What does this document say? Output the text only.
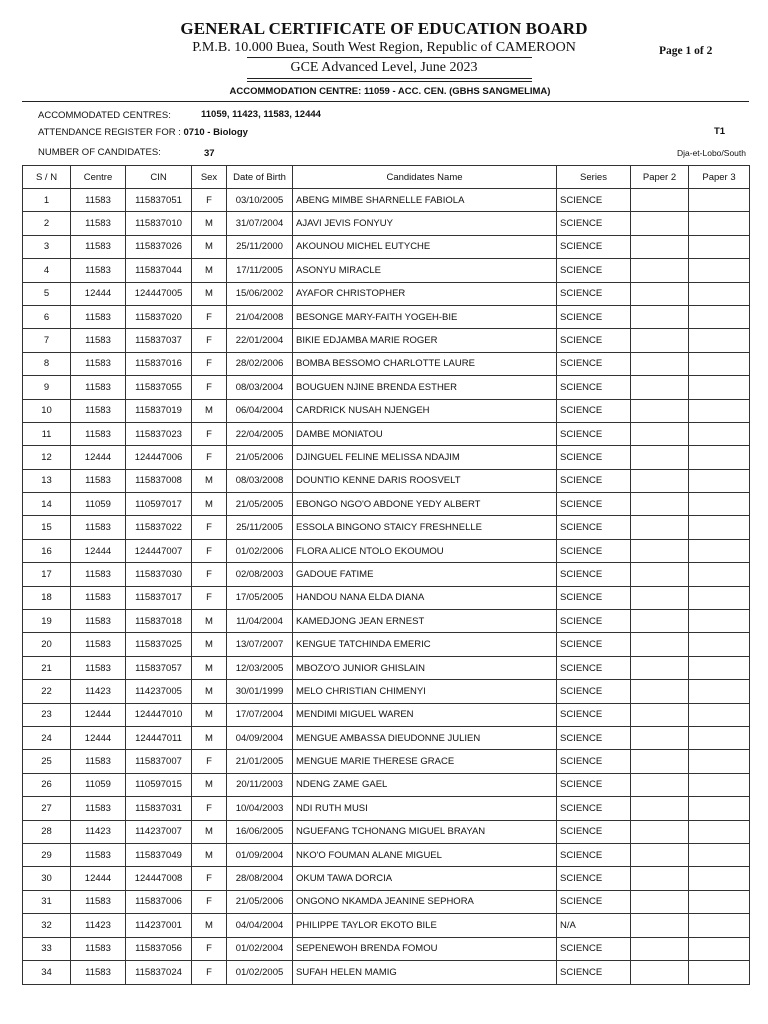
GENERAL CERTIFICATE OF EDUCATION BOARD
P.M.B. 10.000 Buea, South West Region, Republic of CAMEROON	Page 1 of 2
GCE Advanced Level, June 2023
ACCOMMODATION CENTRE: 11059 - ACC. CEN. (GBHS SANGMELIMA)
ACCOMMODATED CENTRES:	11059, 11423, 11583, 12444
ATTENDANCE REGISTER FOR : 0710 - Biology	T1
NUMBER OF CANDIDATES:	37	Dja-et-Lobo/South
S / N	Centre	CIN	Sex	Date of Birth	Candidates Name	Series	Paper 2	Paper 3
1	11583	115837051	F	03/10/2005	ABENG MIMBE SHARNELLE FABIOLA	SCIENCE		
2	11583	115837010	M	31/07/2004	AJAVI JEVIS FONYUY	SCIENCE		
3	11583	115837026	M	25/11/2000	AKOUNOU MICHEL EUTYCHE	SCIENCE		
4	11583	115837044	M	17/11/2005	ASONYU MIRACLE	SCIENCE		
5	12444	124447005	M	15/06/2002	AYAFOR CHRISTOPHER	SCIENCE		
6	11583	115837020	F	21/04/2008	BESONGE MARY-FAITH YOGEH-BIE	SCIENCE		
7	11583	115837037	F	22/01/2004	BIKIE EDJAMBA MARIE ROGER	SCIENCE		
8	11583	115837016	F	28/02/2006	BOMBA BESSOMO CHARLOTTE LAURE	SCIENCE		
9	11583	115837055	F	08/03/2004	BOUGUEN NJINE BRENDA ESTHER	SCIENCE		
10	11583	115837019	M	06/04/2004	CARDRICK NUSAH NJENGEH	SCIENCE		
11	11583	115837023	F	22/04/2005	DAMBE MONIATOU	SCIENCE		
12	12444	124447006	F	21/05/2006	DJINGUEL FELINE MELISSA NDAJIM	SCIENCE		
13	11583	115837008	M	08/03/2008	DOUNTIO KENNE DARIS ROOSVELT	SCIENCE		
14	11059	110597017	M	21/05/2005	EBONGO NGO'O ABDONE YEDY ALBERT	SCIENCE		
15	11583	115837022	F	25/11/2005	ESSOLA BINGONO STAICY FRESHNELLE	SCIENCE		
16	12444	124447007	F	01/02/2006	FLORA ALICE NTOLO EKOUMOU	SCIENCE		
17	11583	115837030	F	02/08/2003	GADOUE FATIME	SCIENCE		
18	11583	115837017	F	17/05/2005	HANDOU NANA ELDA DIANA	SCIENCE		
19	11583	115837018	M	11/04/2004	KAMEDJONG JEAN ERNEST	SCIENCE		
20	11583	115837025	M	13/07/2007	KENGUE TATCHINDA EMERIC	SCIENCE		
21	11583	115837057	M	12/03/2005	MBOZO'O JUNIOR GHISLAIN	SCIENCE		
22	11423	114237005	M	30/01/1999	MELO CHRISTIAN CHIMENYI	SCIENCE		
23	12444	124447010	M	17/07/2004	MENDIMI MIGUEL WAREN	SCIENCE		
24	12444	124447011	M	04/09/2004	MENGUE AMBASSA DIEUDONNE JULIEN	SCIENCE		
25	11583	115837007	F	21/01/2005	MENGUE MARIE THERESE GRACE	SCIENCE		
26	11059	110597015	M	20/11/2003	NDENG ZAME GAEL	SCIENCE		
27	11583	115837031	F	10/04/2003	NDI RUTH MUSI	SCIENCE		
28	11423	114237007	M	16/06/2005	NGUEFANG TCHONANG MIGUEL BRAYAN	SCIENCE		
29	11583	115837049	M	01/09/2004	NKO'O FOUMAN ALANE MIGUEL	SCIENCE		
30	12444	124447008	F	28/08/2004	OKUM TAWA DORCIA	SCIENCE		
31	11583	115837006	F	21/05/2006	ONGONO NKAMDA JEANINE SEPHORA	SCIENCE		
32	11423	114237001	M	04/04/2004	PHILIPPE TAYLOR EKOTO BILE	N/A		
33	11583	115837056	F	01/02/2004	SEPENEWOH BRENDA FOMOU	SCIENCE		
34	11583	115837024	F	01/02/2005	SUFAH HELEN MAMIG	SCIENCE		
